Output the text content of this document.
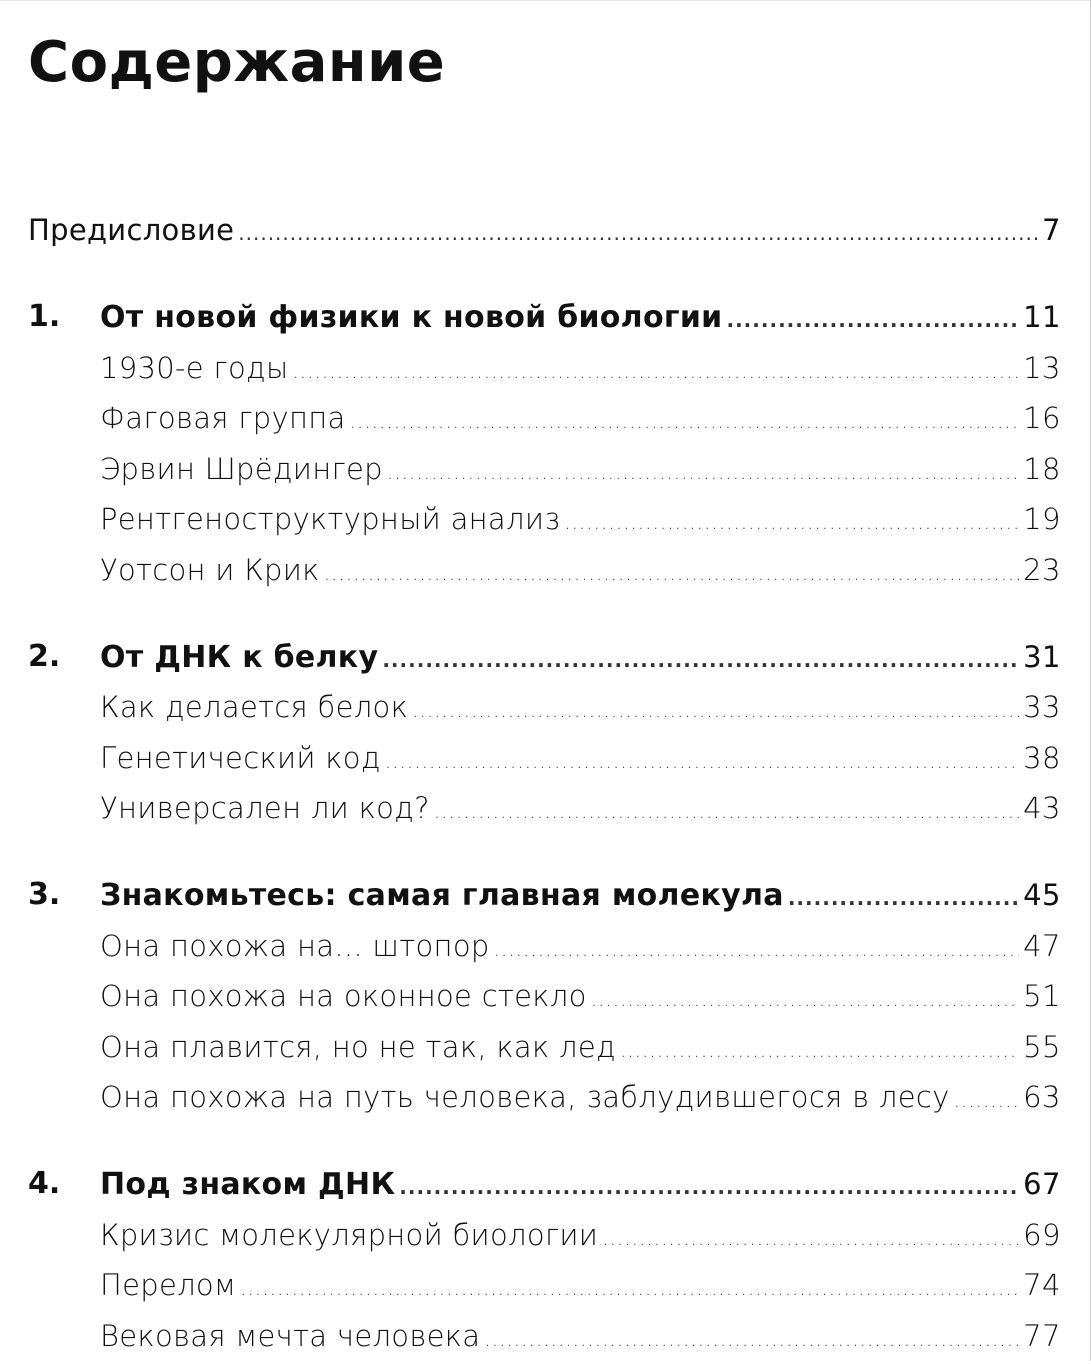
Содержание
Предисловие .....	7
1. От новой физики к новой биологии .....	11
1930-е годы .....	13
Фаговая группа .....	16
Эрвин Шрёдингер .....	18
Рентгеноструктурный анализ .....	19
Уотсон и Крик .....	23
2. От ДНК к белку .....	31
Как делается белок .....	33
Генетический код .....	38
Универсален ли код? .....	43
3. Знакомьтесь: самая главная молекула .....	45
Она похожа на... штопор .....	47
Она похожа на оконное стекло .....	51
Она плавится, но не так, как лед .....	55
Она похожа на путь человека, заблудившегося в лесу .....	63
4. Под знаком ДНК .....	67
Кризис молекулярной биологии .....	69
Перелом .....	74
Вековая мечта человека .....	77
